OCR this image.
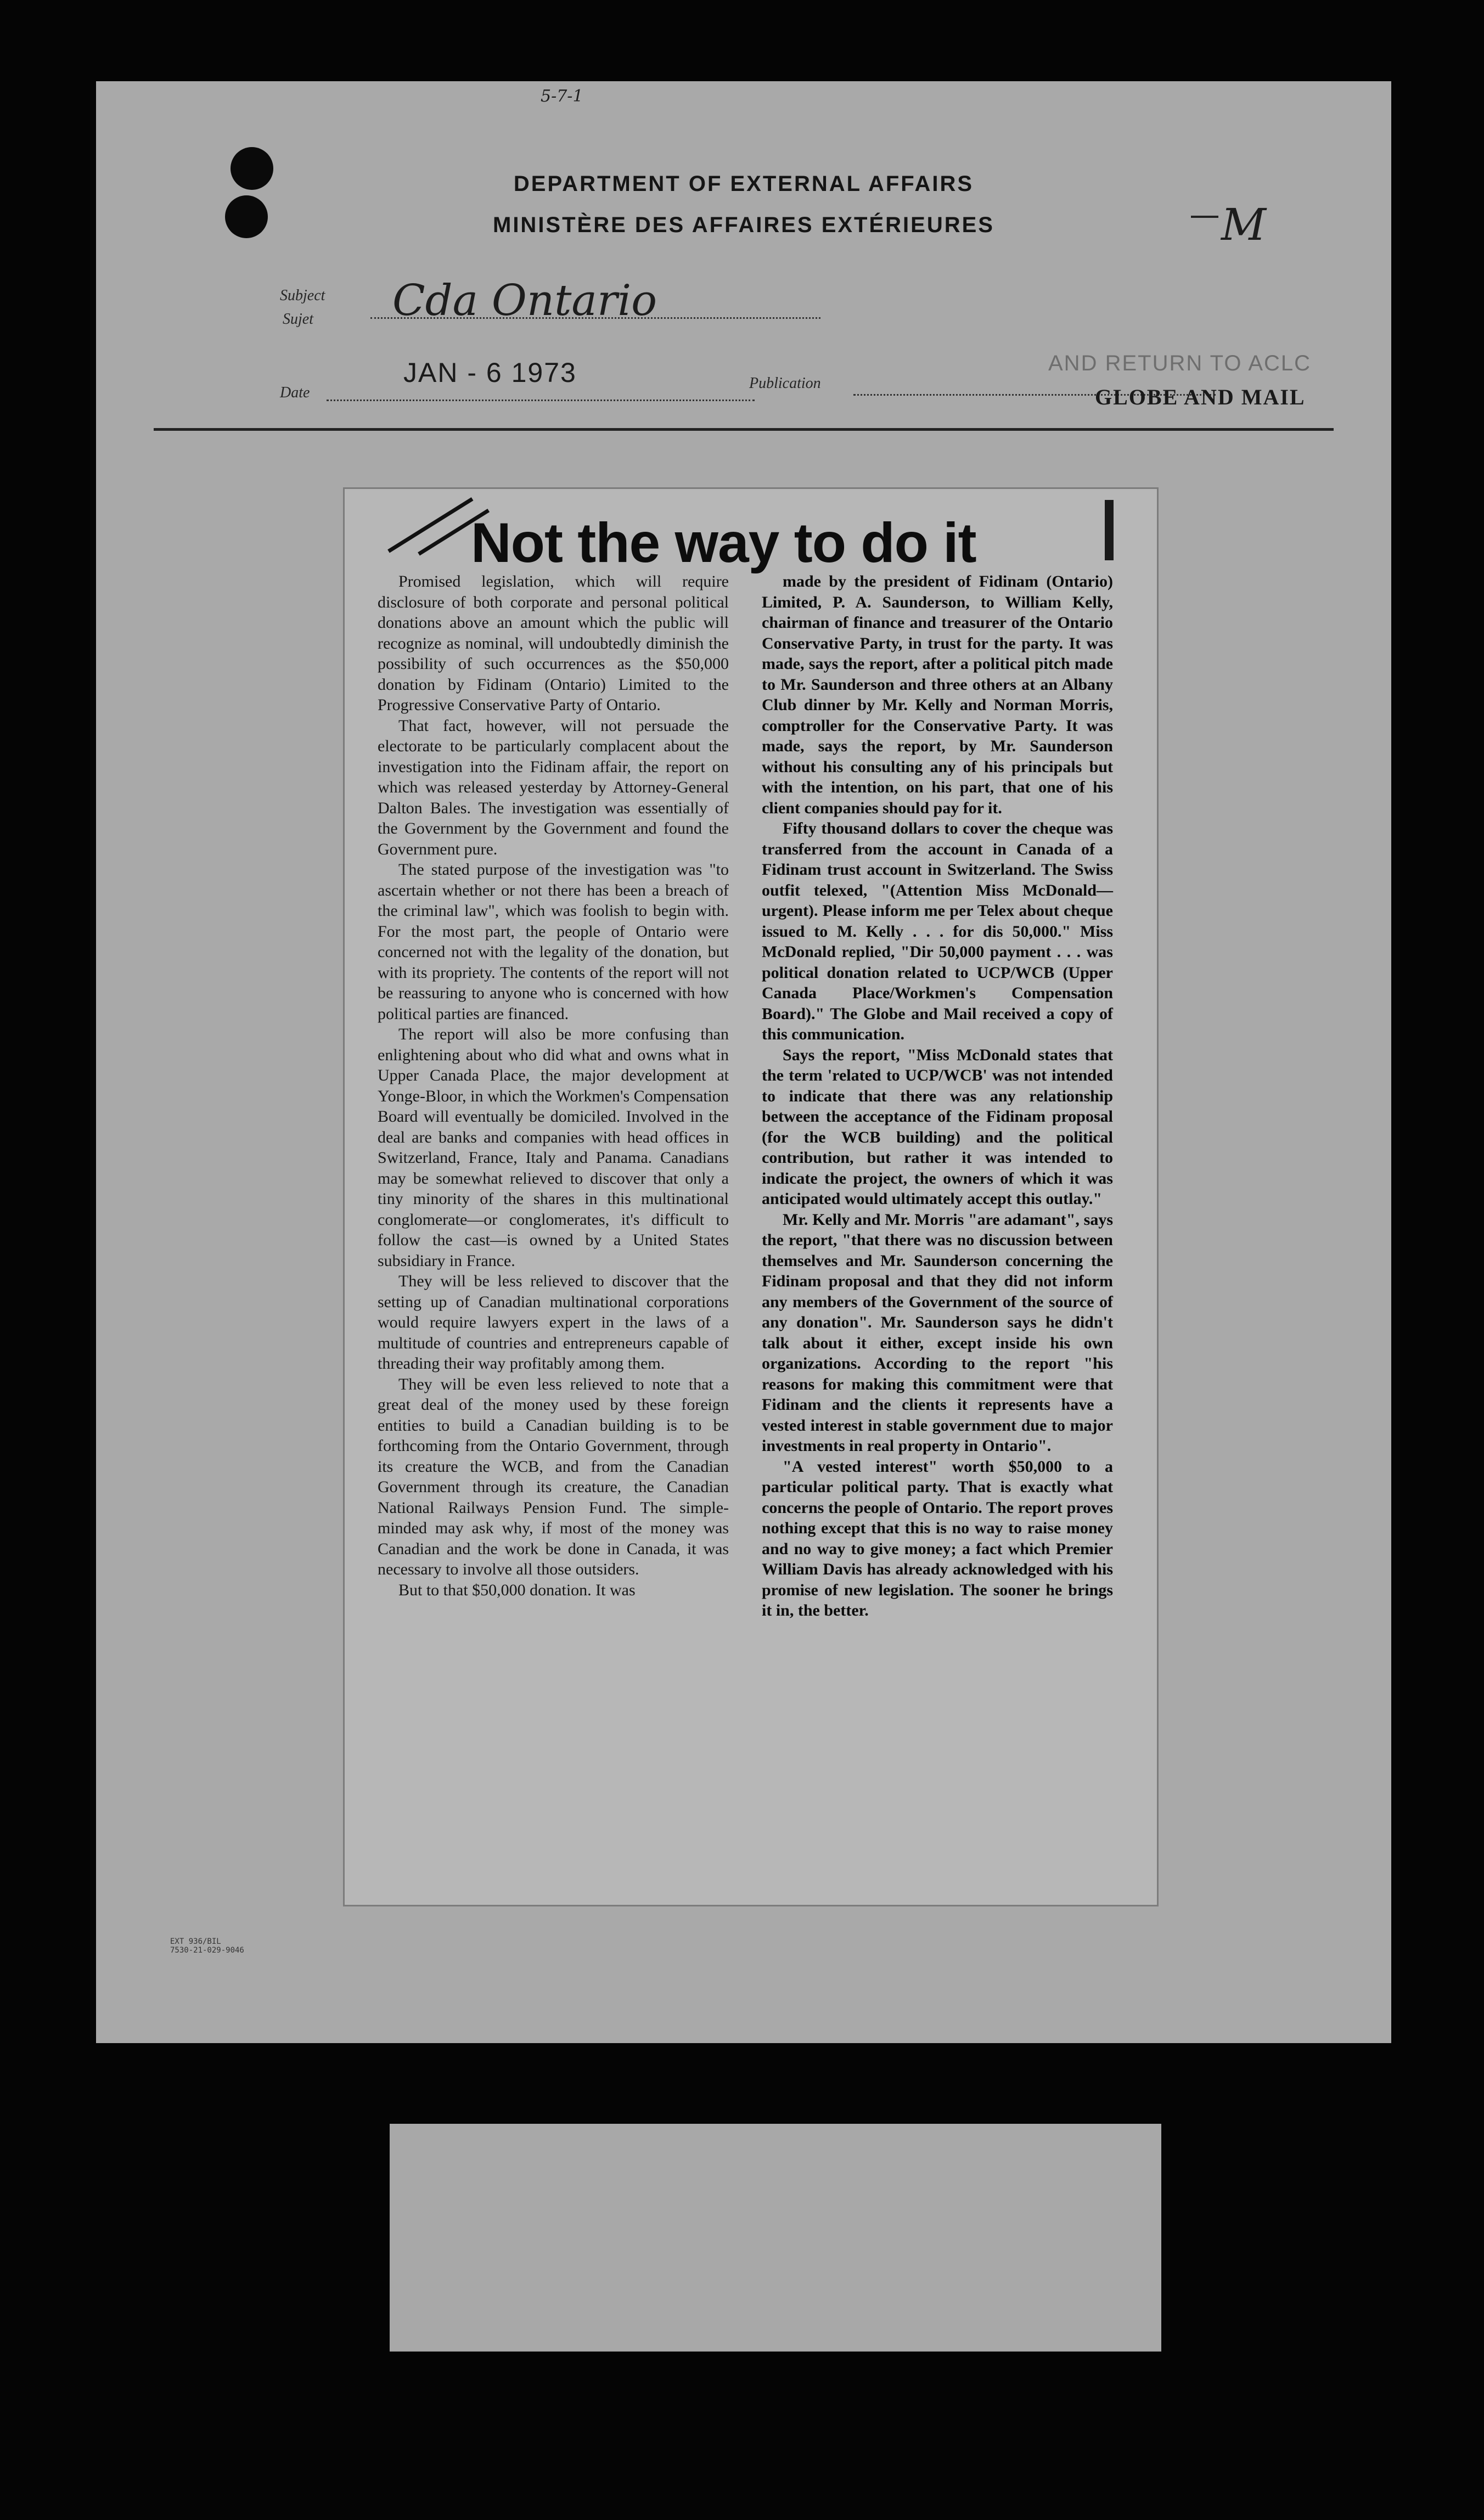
5-7-1
DEPARTMENT OF EXTERNAL AFFAIRS
MINISTÈRE DES AFFAIRES EXTÉRIEURES	M
Subject
Sujet Cda Ontario
Date
JAN - 6 1973	Publication
AND RETURN TO ACLC
GLOBE AND MAIL
Not the way to do it

Promised legislation, which will require disclosure of both corporate and personal political donations above an amount which the public will recognize as nominal, will undoubtedly diminish the possibility of such occurrences as the $50,000 donation by Fidinam (Ontario) Limited to the Progressive Conservative Party of Ontario.

That fact, however, will not persuade the electorate to be particularly complacent about the investigation into the Fidinam affair, the report on which was released yesterday by Attorney-General Dalton Bales. The investigation was essentially of the Government by the Government and found the Government pure.

The stated purpose of the investigation was "to ascertain whether or not there has been a breach of the criminal law", which was foolish to begin with. For the most part, the people of Ontario were concerned not with the legality of the donation, but with its propriety. The contents of the report will not be reassuring to anyone who is concerned with how political parties are financed.

The report will also be more confusing than enlightening about who did what and owns what in Upper Canada Place, the major development at Yonge-Bloor, in which the Workmen's Compensation Board will eventually be domiciled. Involved in the deal are banks and companies with head offices in Switzerland, France, Italy and Panama. Canadians may be somewhat relieved to discover that only a tiny minority of the shares in this multinational conglomerate—or conglomerates, it's difficult to follow the cast—is owned by a United States subsidiary in France.

They will be less relieved to discover that the setting up of Canadian multinational corporations would require lawyers expert in the laws of a multitude of countries and entrepreneurs capable of threading their way profitably among them.

They will be even less relieved to note that a great deal of the money used by these foreign entities to build a Canadian building is to be forthcoming from the Ontario Government, through its creature the WCB, and from the Canadian Government through its creature, the Canadian National Railways Pension Fund. The simple-minded may ask why, if most of the money was Canadian and the work be done in Canada, it was necessary to involve all those outsiders.

But to that $50,000 donation. It was

made by the president of Fidinam (Ontario) Limited, P. A. Saunderson, to William Kelly, chairman of finance and treasurer of the Ontario Conservative Party, in trust for the party. It was made, says the report, after a political pitch made to Mr. Saunderson and three others at an Albany Club dinner by Mr. Kelly and Norman Morris, comptroller for the Conservative Party. It was made, says the report, by Mr. Saunderson without his consulting any of his principals but with the intention, on his part, that one of his client companies should pay for it.

Fifty thousand dollars to cover the cheque was transferred from the account in Canada of a Fidinam trust account in Switzerland. The Swiss outfit telexed, "(Attention Miss McDonald—urgent). Please inform me per Telex about cheque issued to M. Kelly . . . for dis 50,000." Miss McDonald replied, "Dir 50,000 payment . . . was political donation related to UCP/WCB (Upper Canada Place/Workmen's Compensation Board)." The Globe and Mail received a copy of this communication.

Says the report, "Miss McDonald states that the term 'related to UCP/WCB' was not intended to indicate that there was any relationship between the acceptance of the Fidinam proposal (for the WCB building) and the political contribution, but rather it was intended to indicate the project, the owners of which it was anticipated would ultimately accept this outlay."

Mr. Kelly and Mr. Morris "are adamant", says the report, "that there was no discussion between themselves and Mr. Saunderson concerning the Fidinam proposal and that they did not inform any members of the Government of the source of any donation". Mr. Saunderson says he didn't talk about it either, except inside his own organizations. According to the report "his reasons for making this commitment were that Fidinam and the clients it represents have a vested interest in stable government due to major investments in real property in Ontario".

"A vested interest" worth $50,000 to a particular political party. That is exactly what concerns the people of Ontario. The report proves nothing except that this is no way to raise money and no way to give money; a fact which Premier William Davis has already acknowledged with his promise of new legislation. The sooner he brings it in, the better.

EXT 936/BIL
7530-21-029-9046
